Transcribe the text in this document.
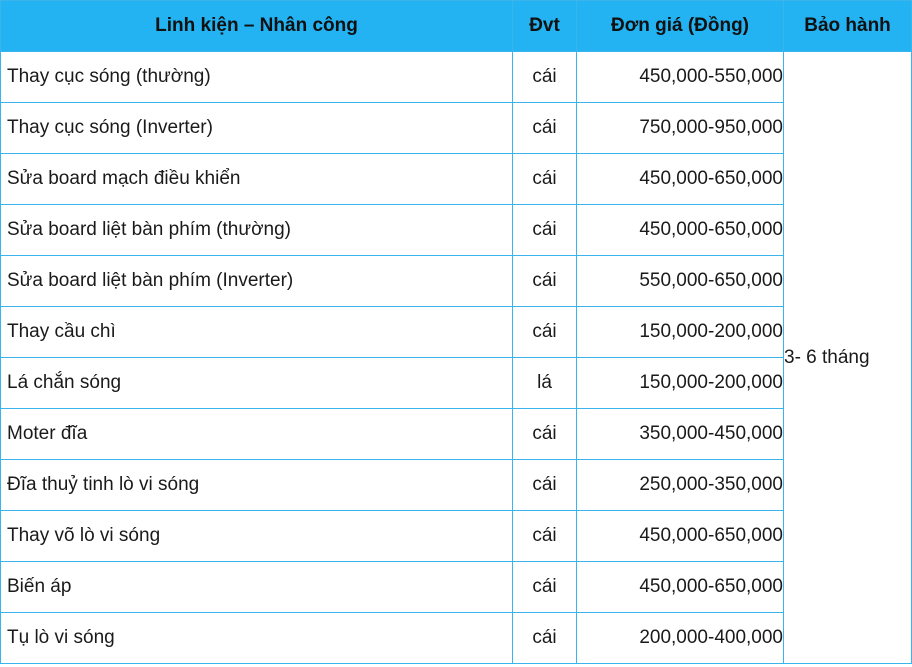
Linh kiện – Nhân công	Đvt	Đơn giá (Đồng)	Bảo hành
Thay cục sóng (thường)	cái	450,000-550,000	3- 6 tháng
Thay cục sóng (Inverter)	cái	750,000-950,000	
Sửa board mạch điều khiển	cái	450,000-650,000	
Sửa board liệt bàn phím (thường)	cái	450,000-650,000	
Sửa board liệt bàn phím (Inverter)	cái	550,000-650,000	
Thay cầu chì	cái	150,000-200,000	
Lá chắn sóng	lá	150,000-200,000	
Moter đĩa	cái	350,000-450,000	
Đĩa thuỷ tinh lò vi sóng	cái	250,000-350,000	
Thay võ lò vi sóng	cái	450,000-650,000	
Biến áp	cái	450,000-650,000	
Tụ lò vi sóng	cái	200,000-400,000	
